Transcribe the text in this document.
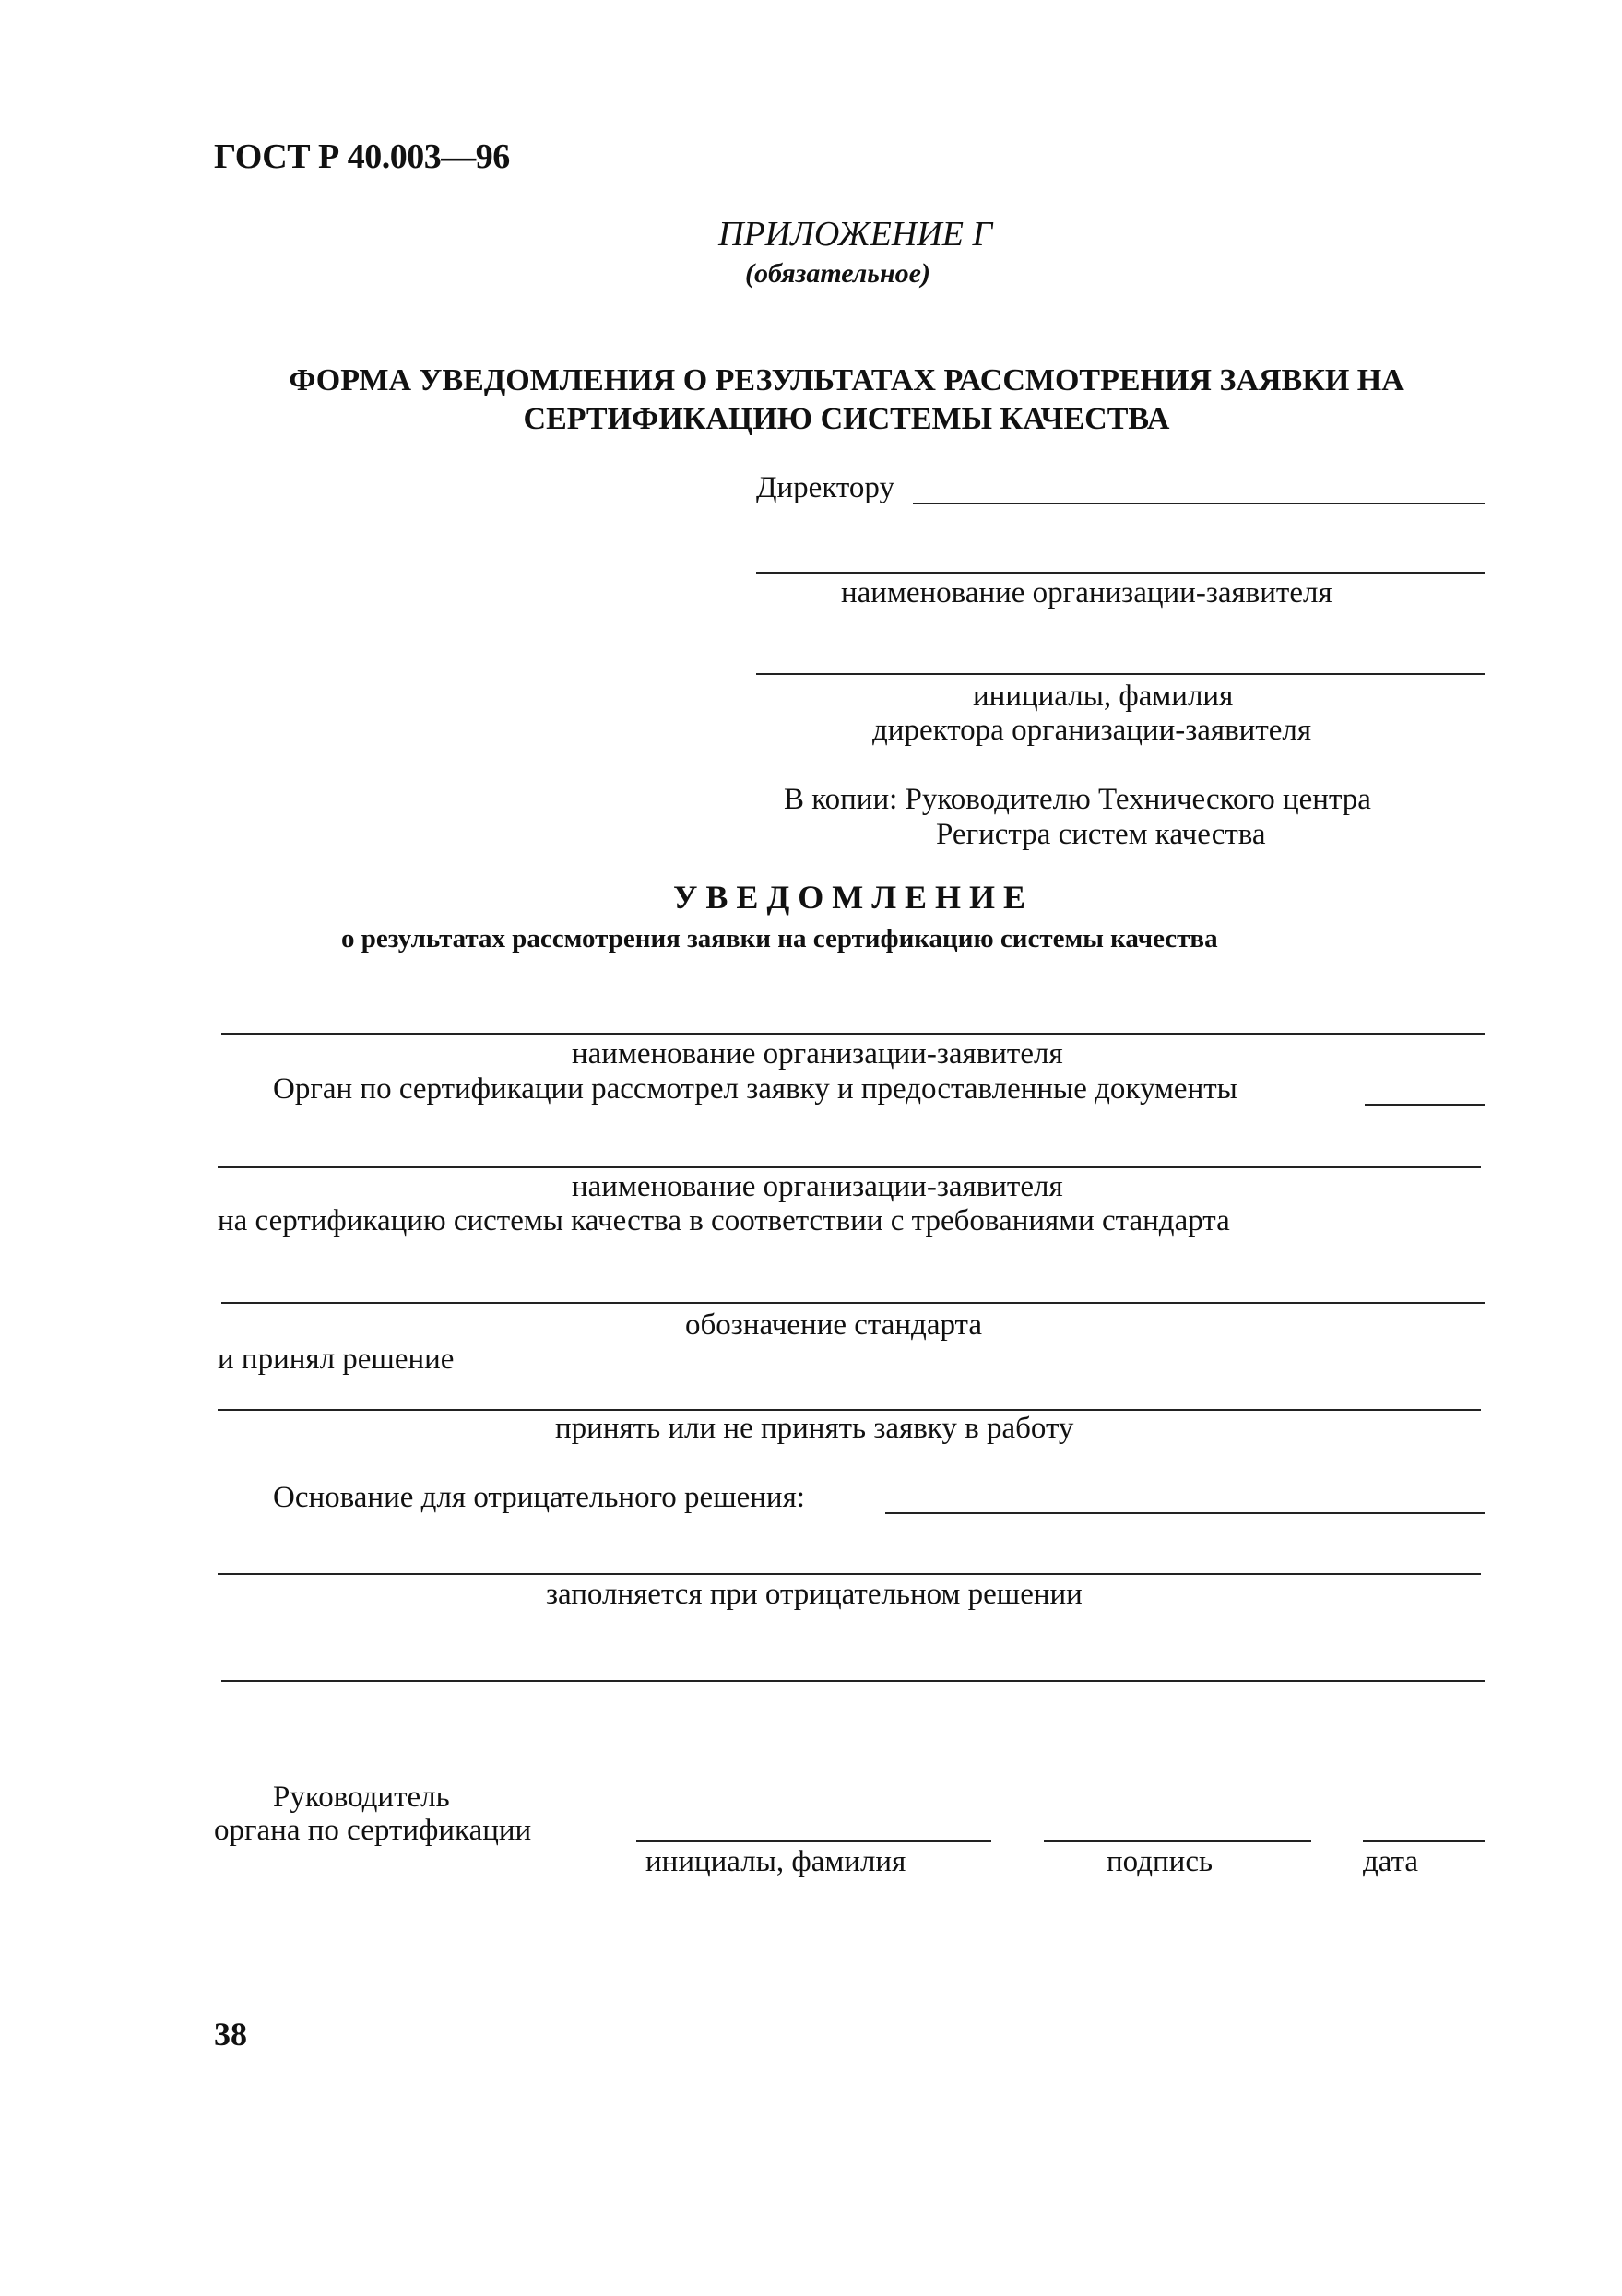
ГОСТ Р 40.003—96
ПРИЛОЖЕНИЕ Г
(обязательное)
ФОРМА УВЕДОМЛЕНИЯ О РЕЗУЛЬТАТАХ РАССМОТРЕНИЯ ЗАЯВКИ НА
СЕРТИФИКАЦИЮ СИСТЕМЫ КАЧЕСТВА
Директору
наименование организации-заявителя
инициалы, фамилия
директора организации-заявителя
В копии: Руководителю Технического центра
Регистра систем качества
УВЕДОМЛЕНИЕ
о результатах рассмотрения заявки на сертификацию системы качества
наименование организации-заявителя
Орган по сертификации рассмотрел заявку и предоставленные документы
наименование организации-заявителя
на сертификацию системы качества в соответствии с требованиями стандарта
обозначение стандарта
и принял решение
принять или не принять заявку в работу
Основание для отрицательного решения:
заполняется при отрицательном решении
Руководитель
органа по сертификации
инициалы, фамилия	подпись	дата
38
